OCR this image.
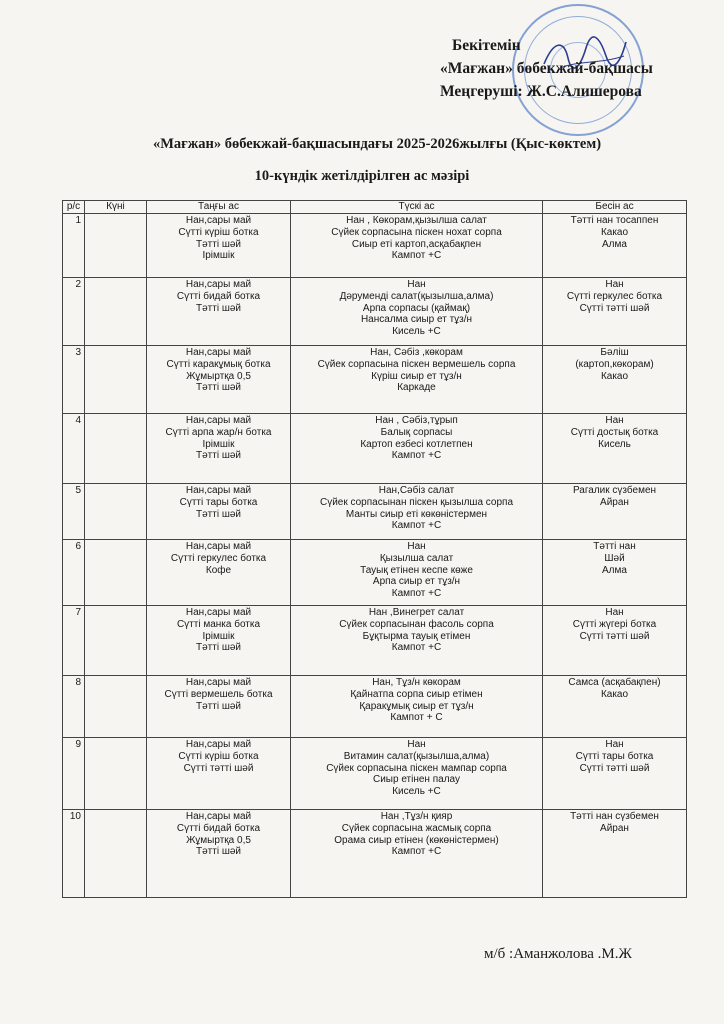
Бекітемін
«Мағжан» бөбекжай-бақшасы
Меңгеруші: Ж.С.Алишерова
«Мағжан» бөбекжай-бақшасындағы 2025-2026жылғы (Қыс-көктем)
10-күндік жетілдірілген ас мәзірі
р/с	Күні	Таңғы ас	Түскі ас	Бесін ас
1		Нан,сары май
Сүтті күріш ботка
Тәтті шәй
Ірімшік	Нан , Көкорам,қызылша салат
Сүйек сорпасына піскен нохат сорпа
Сиыр еті картоп,асқабақпен
Кампот +С	Тәтті нан тосаппен
Какао
Алма

2		Нан,сары май
Сүтті бидай ботка
Тәтті шәй	Нан
Дәруменді салат(қызылша,алма)
Арпа сорпасы (қаймақ)
Нансалма сиыр ет тұз/н
Кисель +С	Нан
Сүтті геркулес ботка
Сүтті тәтті шәй

3		Нан,сары май
Сүтті каракұмық ботка
Жұмыртқа 0,5
Тәтті шәй	Нан, Сәбіз ,көкорам
Сүйек сорпасына піскен вермешель сорпа
Күріш сиыр ет тұз/н
Каркаде	Бәліш
(картоп,көкорам)
Какао

4		Нан,сары май
Сүтті арпа жар/н ботка
Ірімшік
Тәтті шәй	Нан , Сәбіз,тұрып
Балық сорпасы
Картоп езбесі котлетпен
Кампот +С	Нан
Сүтті достық ботка
Кисель

5		Нан,сары май
Сүтті тары ботка
Тәтті шәй	Нан,Сәбіз салат
Сүйек сорпасынан піскен қызылша сорпа
Манты сиыр еті көкөністермен
Кампот +С	Рагалик сүзбемен
Айран

6		Нан,сары май
Сүтті геркулес ботка
Кофе	Нан
Қызылша салат
Тауық етінен кеспе көже
Арпа сиыр ет тұз/н
Кампот +С	Тәтті нан
Шәй
Алма

7		Нан,сары май
Сүтті манка ботка
Ірімшік
Тәтті шәй	Нан ,Винегрет салат
Сүйек сорпасынан фасоль сорпа
Бұқтырма тауық етімен
Кампот +С	Нан
Сүтті жүгері ботка
Сүтті тәтті шәй

8		Нан,сары май
Сүтті вермешель ботка
Тәтті шәй	Нан, Тұз/н көкорам
Қайнатпа сорпа сиыр етімен
Қаракұмық сиыр ет тұз/н
Кампот + С	Самса (асқабақпен)
Какао

9		Нан,сары май
Сүтті күріш ботка
Сүтті тәтті шәй	Нан
Витамин салат(қызылша,алма)
Сүйек сорпасына піскен мампар сорпа
Сиыр етінен палау
Кисель +С	Нан
Сүтті тары ботка
Сүтті тәтті шәй

10		Нан,сары май
Сүтті бидай ботка
Жұмыртқа 0,5
Тәтті шәй	Нан ,Тұз/н қияр
Сүйек сорпасына жасмық сорпа
Орама сиыр етінен (көкөністермен)
Кампот +С	Тәтті нан сүзбемен
Айран
м/б :Аманжолова .М.Ж
